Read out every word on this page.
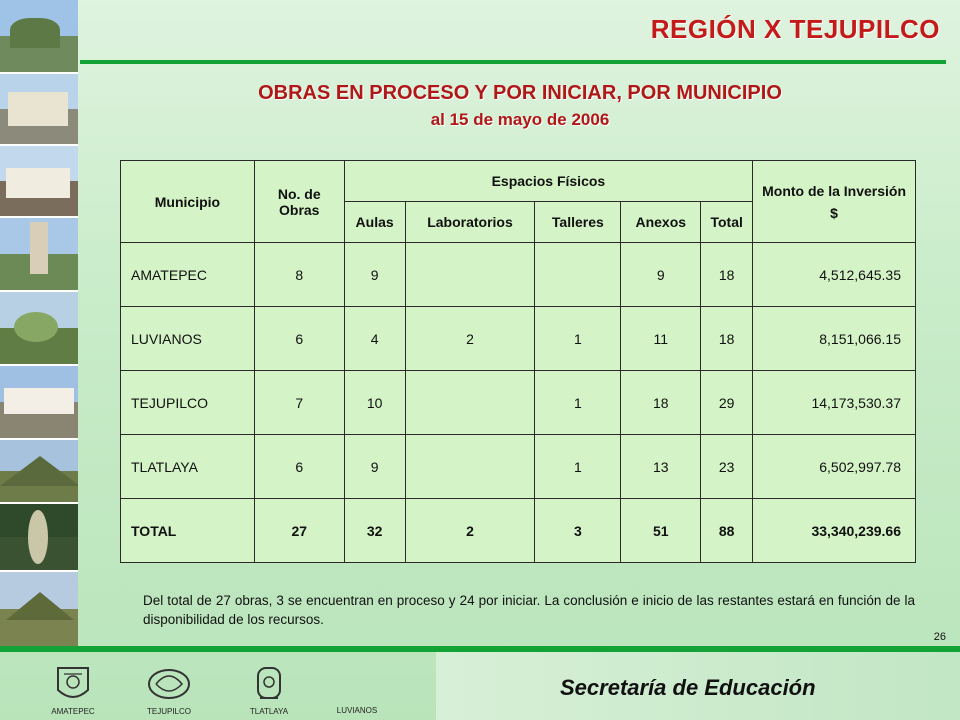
REGIÓN X TEJUPILCO
OBRAS EN PROCESO Y POR INICIAR, POR MUNICIPIO
al 15 de mayo de 2006
Municipio	No. de Obras	Espacios Físicos					Monto de la Inversión
$

		Aulas	Laboratorios	Talleres	Anexos	Total	
AMATEPEC	8	9			9	18	4,512,645.35
LUVIANOS	6	4	2	1	11	18	8,151,066.15
TEJUPILCO	7	10		1	18	29	14,173,530.37
TLATLAYA	6	9		1	13	23	6,502,997.78
TOTAL	27	32	2	3	51	88	33,340,239.66
Del total de 27 obras, 3 se encuentran en proceso y 24 por iniciar. La conclusión e inicio de las restantes estará en función de la disponibilidad de los recursos.
26
Secretaría de Educación
AMATEPEC	TEJUPILCO	TLATLAYA	LUVIANOS
